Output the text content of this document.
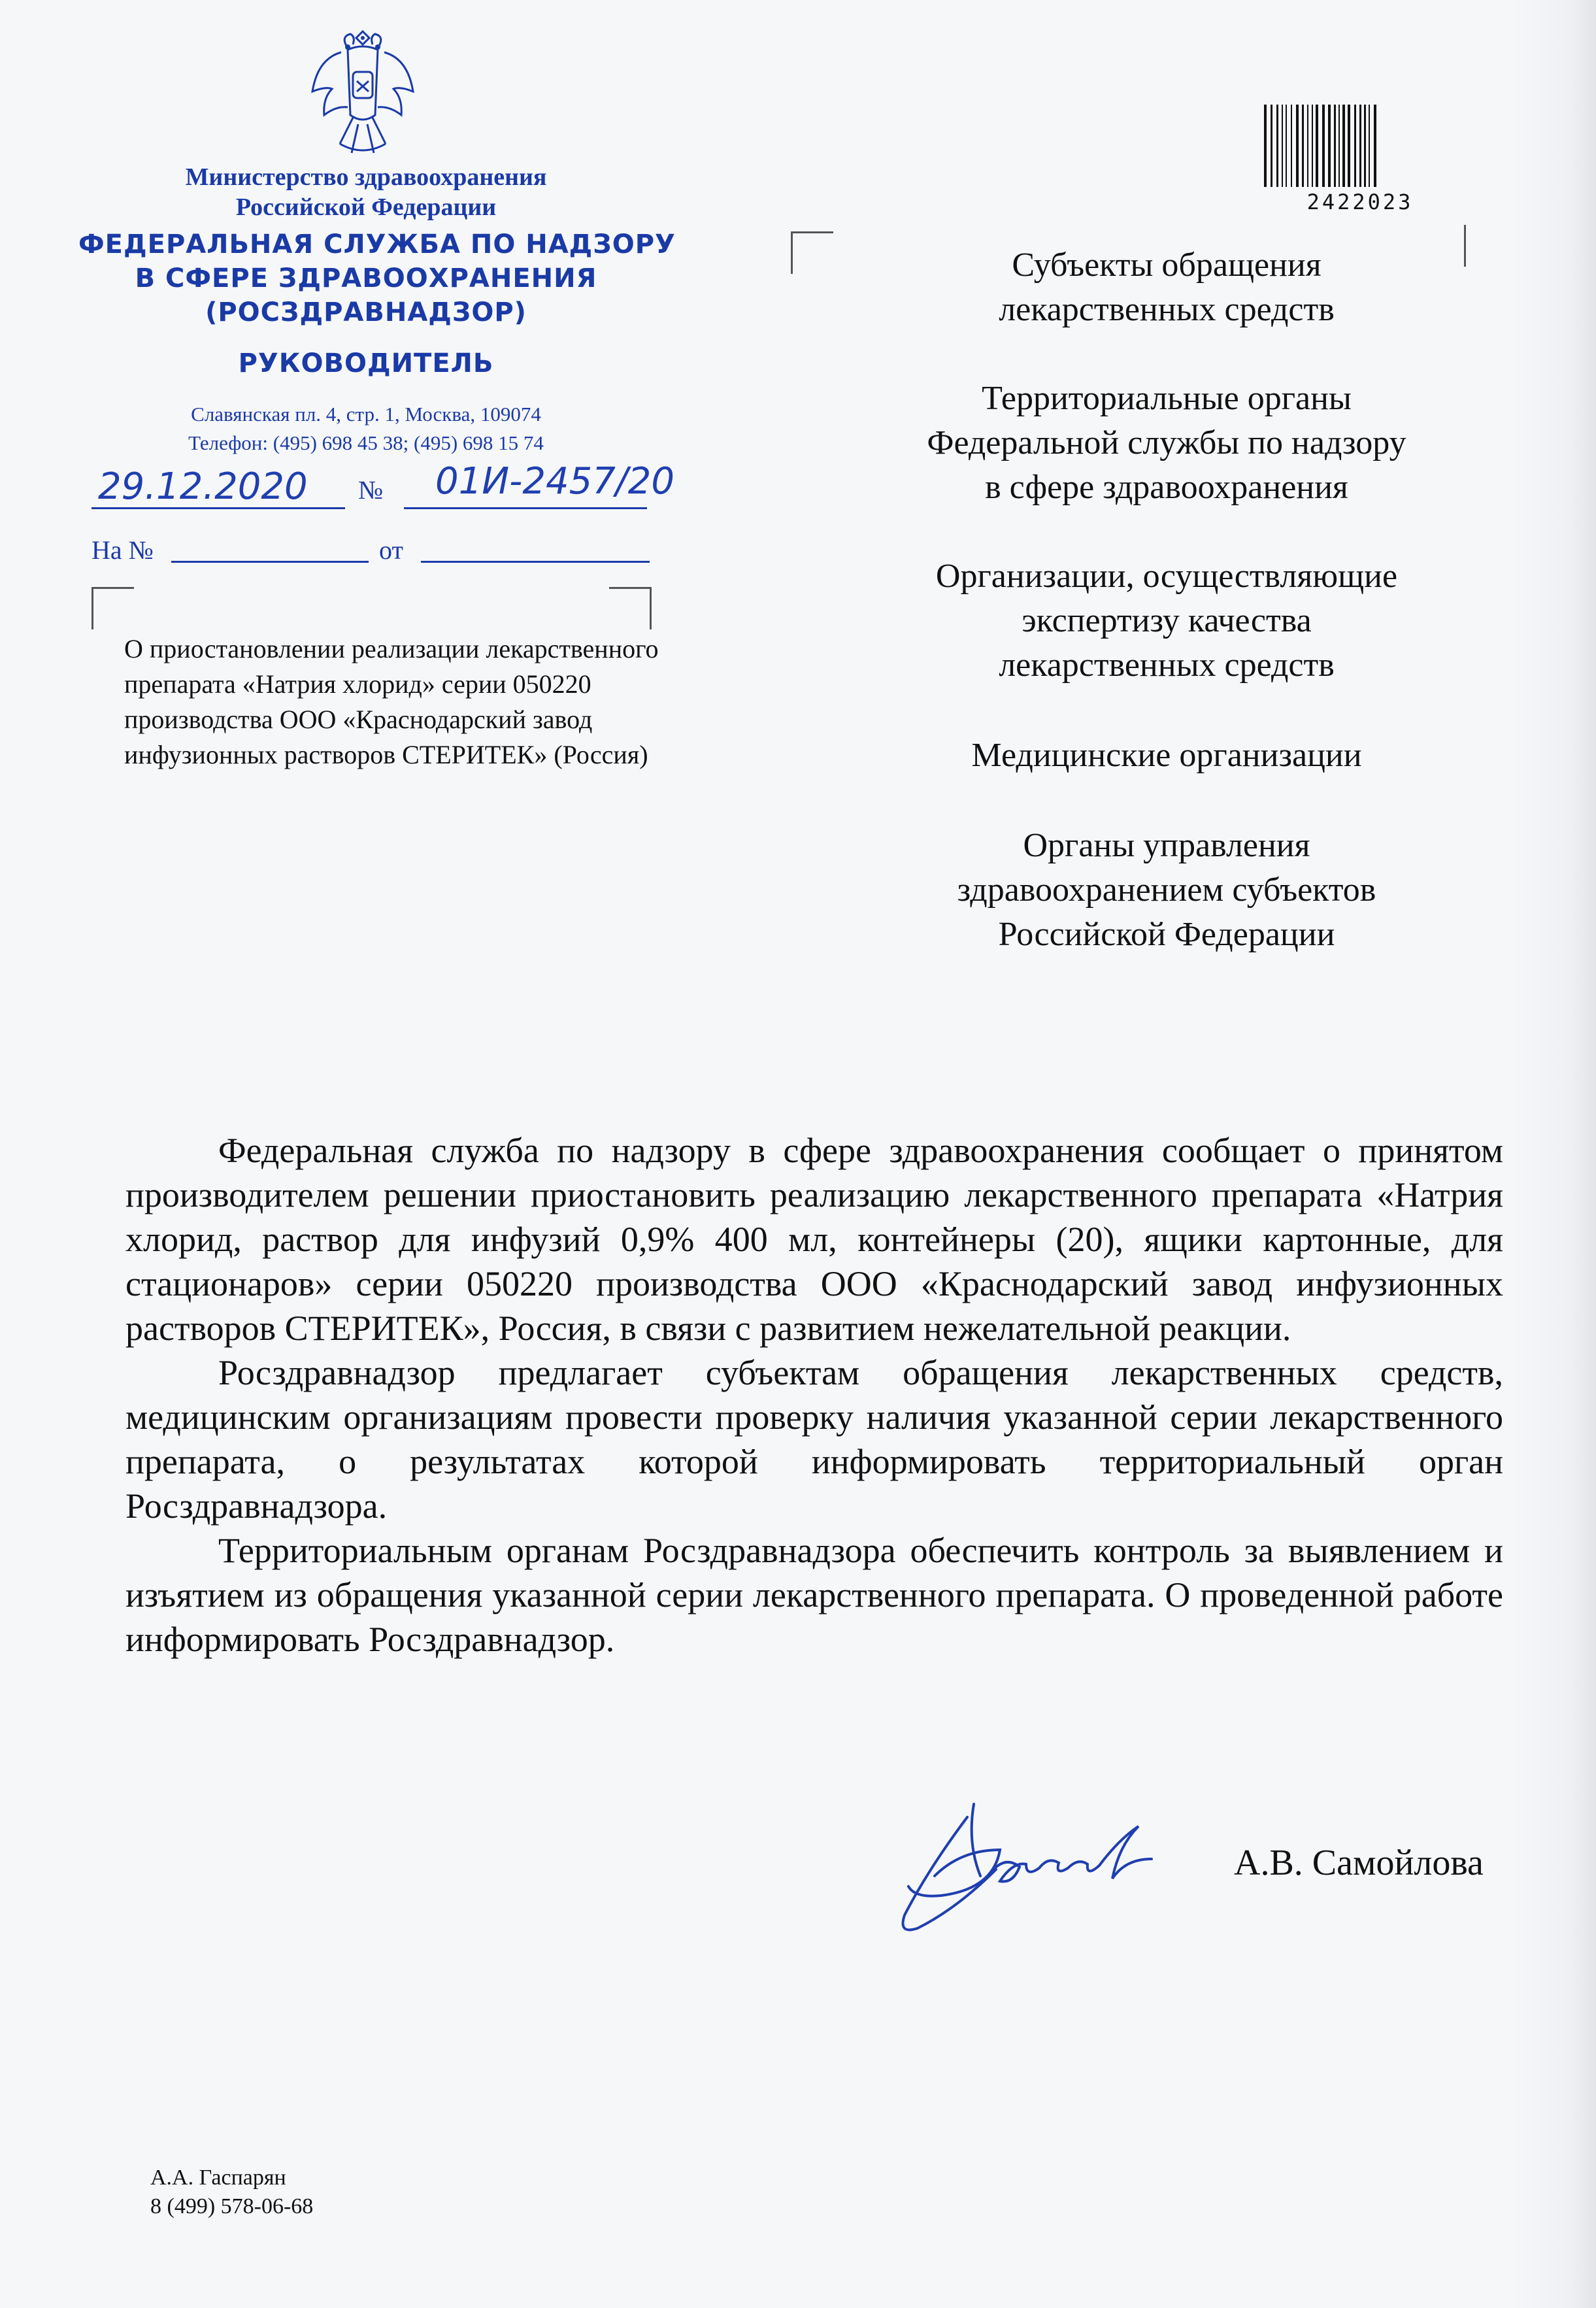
Министерство здравоохранения
Российской Федерации
ФЕДЕРАЛЬНАЯ СЛУЖБА ПО НАДЗОРУ
В СФЕРЕ ЗДРАВООХРАНЕНИЯ
(РОСЗДРАВНАДЗОР)
РУКОВОДИТЕЛЬ
Славянская пл. 4, стр. 1, Москва, 109074
Телефон: (495) 698 45 38; (495) 698 15 74
29.12.2020 № 01И-2457/20
На №	от
О приостановлении реализации лекарственного
препарата «Натрия хлорид» серии 050220
производства ООО «Краснодарский завод
инфузионных растворов СТЕРИТЕК» (Россия)
2422023
Субъекты обращения
лекарственных средств
Территориальные органы
Федеральной службы по надзору
в сфере здравоохранения
Организации, осуществляющие
экспертизу качества
лекарственных средств
Медицинские организации
Органы управления
здравоохранением субъектов
Российской Федерации

Федеральная служба по надзору в сфере здравоохранения сообщает о принятом производителем решении приостановить реализацию лекарственного препарата «Натрия хлорид, раствор для инфузий 0,9% 400 мл, контейнеры (20), ящики картонные, для стационаров» серии 050220 производства ООО «Краснодарский завод инфузионных растворов СТЕРИТЕК», Россия, в связи с развитием нежелательной реакции.

Росздравнадзор предлагает субъектам обращения лекарственных средств, медицинским организациям провести проверку наличия указанной серии лекарственного препарата, о результатах которой информировать территориальный орган Росздравнадзора.

Территориальным органам Росздравнадзора обеспечить контроль за выявлением и изъятием из обращения указанной серии лекарственного препарата. О проведенной работе информировать Росздравнадзор.

А.В. Самойлова
А.А. Гаспарян
8 (499) 578-06-68
